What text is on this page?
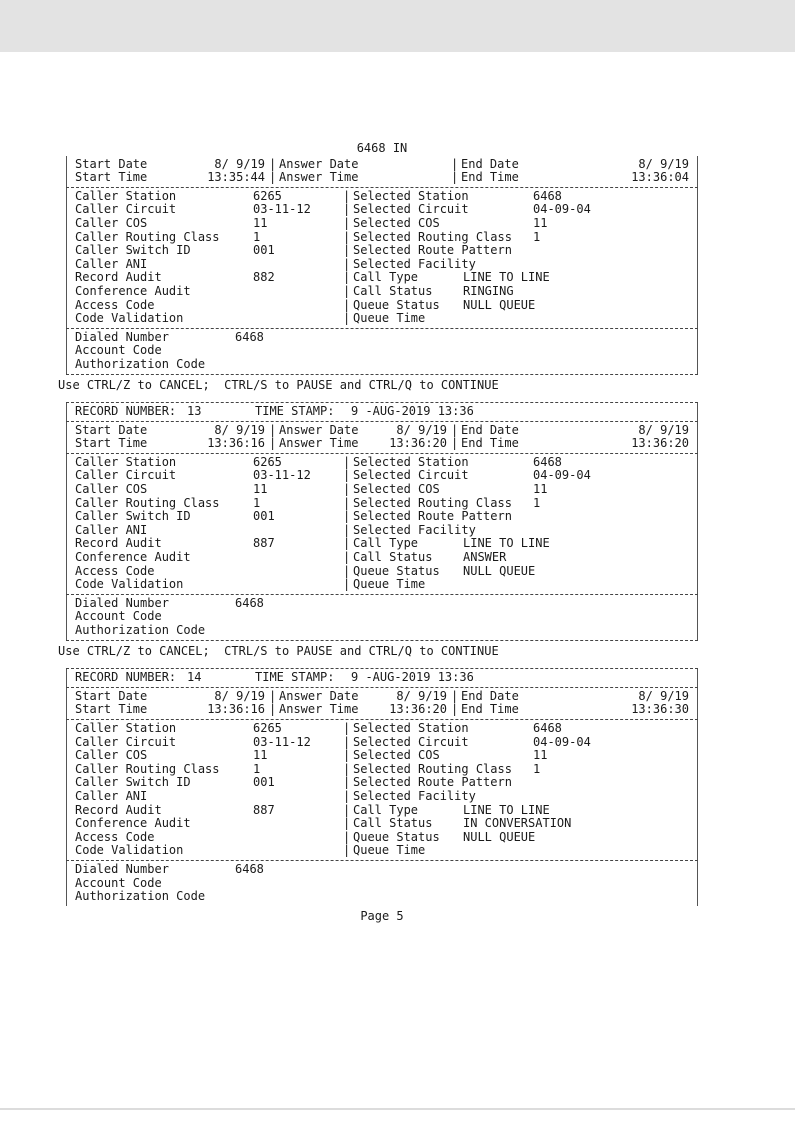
6468 IN
Start Date	8/ 9/19 | Answer Date	| End Date	8/ 9/19
Start Time	13:35:44 | Answer Time	| End Time	13:36:04
Caller Station	6265	| Selected Station	6468
Caller Circuit	03-11-12	| Selected Circuit	04-09-04
Caller COS	11	| Selected COS	11
Caller Routing Class	1	| Selected Routing Class	1
Caller Switch ID	001	| Selected Route Pattern
Caller ANI	| Selected Facility
Record Audit	882	| Call Type	LINE TO LINE
Conference Audit	| Call Status	RINGING
Access Code	| Queue Status	NULL QUEUE
Code Validation	| Queue Time
Dialed Number	6468
Account Code
Authorization Code
Use CTRL/Z to CANCEL;  CTRL/S to PAUSE and CTRL/Q to CONTINUE
RECORD NUMBER: 13	TIME STAMP:	9 -AUG-2019 13:36
Start Date	8/ 9/19 | Answer Date	8/ 9/19 | End Date	8/ 9/19
Start Time	13:36:16 | Answer Time	13:36:20 | End Time	13:36:20
Caller Station	6265	| Selected Station	6468
Caller Circuit	03-11-12	| Selected Circuit	04-09-04
Caller COS	11	| Selected COS	11
Caller Routing Class	1	| Selected Routing Class	1
Caller Switch ID	001	| Selected Route Pattern
Caller ANI	| Selected Facility
Record Audit	887	| Call Type	LINE TO LINE
Conference Audit	| Call Status	ANSWER
Access Code	| Queue Status	NULL QUEUE
Code Validation	| Queue Time
Dialed Number	6468
Account Code
Authorization Code
Use CTRL/Z to CANCEL;  CTRL/S to PAUSE and CTRL/Q to CONTINUE
RECORD NUMBER: 14	TIME STAMP:	9 -AUG-2019 13:36
Start Date	8/ 9/19 | Answer Date	8/ 9/19 | End Date	8/ 9/19
Start Time	13:36:16 | Answer Time	13:36:20 | End Time	13:36:30
Caller Station	6265	| Selected Station	6468
Caller Circuit	03-11-12	| Selected Circuit	04-09-04
Caller COS	11	| Selected COS	11
Caller Routing Class	1	| Selected Routing Class	1
Caller Switch ID	001	| Selected Route Pattern
Caller ANI	| Selected Facility
Record Audit	887	| Call Type	LINE TO LINE
Conference Audit	| Call Status	IN CONVERSATION
Access Code	| Queue Status	NULL QUEUE
Code Validation	| Queue Time
Dialed Number	6468
Account Code
Authorization Code
Page 5
